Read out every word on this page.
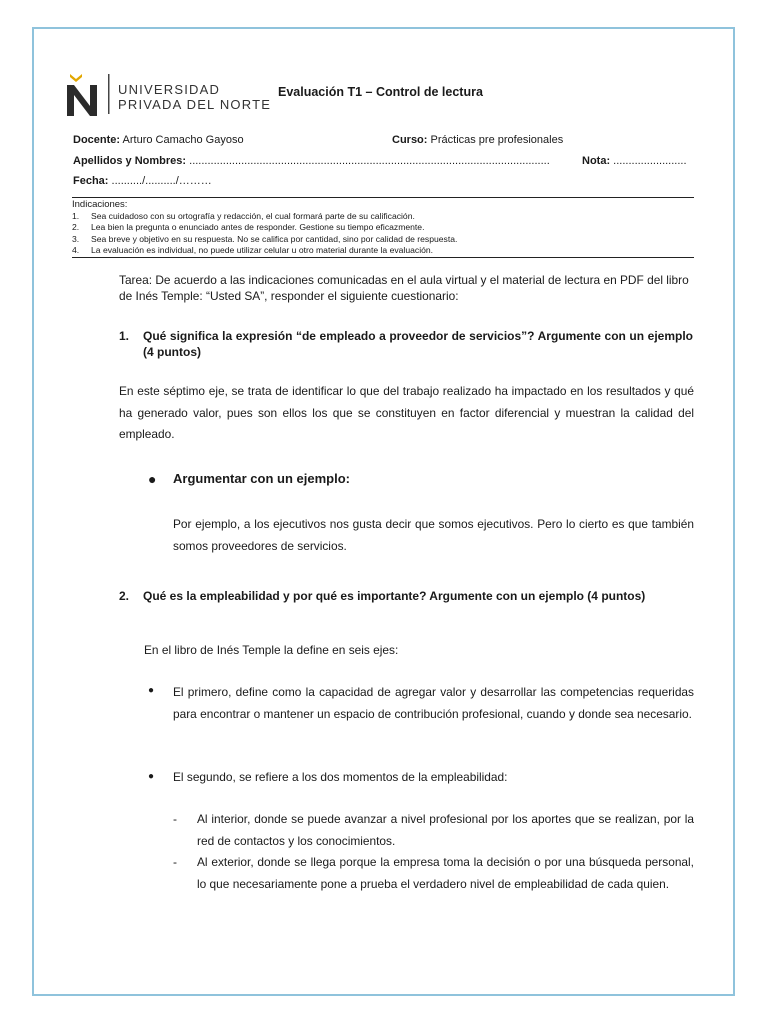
UNIVERSIDAD
PRIVADA DEL NORTE
Evaluación T1 – Control de lectura
Docente: Arturo Camacho Gayoso	Curso: Prácticas pre profesionales
Apellidos y Nombres: ......................................................................................................................	Nota: ........................
Fecha: ........../........../………
Indicaciones:
1. Sea cuidadoso con su ortografía y redacción, el cual formará parte de su calificación.
2. Lea bien la pregunta o enunciado antes de responder. Gestione su tiempo eficazmente.
3. Sea breve y objetivo en su respuesta. No se califica por cantidad, sino por calidad de respuesta.
4. La evaluación es individual, no puede utilizar celular u otro material durante la evaluación.
Tarea: De acuerdo a las indicaciones comunicadas en el aula virtual y el material de lectura en PDF del libro de Inés Temple: “Usted SA”, responder el siguiente cuestionario:
1. Qué significa la expresión “de empleado a proveedor de servicios”? Argumente con un ejemplo (4 puntos)
En este séptimo eje, se trata de identificar lo que del trabajo realizado ha impactado en los resultados y qué ha generado valor, pues son ellos los que se constituyen en factor diferencial y muestran la calidad del empleado.
● Argumentar con un ejemplo:
Por ejemplo, a los ejecutivos nos gusta decir que somos ejecutivos. Pero lo cierto es que también somos proveedores de servicios.
2. Qué es la empleabilidad y por qué es importante? Argumente con un ejemplo (4 puntos)
En el libro de Inés Temple la define en seis ejes:
● El primero, define como la capacidad de agregar valor y desarrollar las competencias requeridas para encontrar o mantener un espacio de contribución profesional, cuando y donde sea necesario.
● El segundo, se refiere a los dos momentos de la empleabilidad:
- Al interior, donde se puede avanzar a nivel profesional por los aportes que se realizan, por la red de contactos y los conocimientos.
- Al exterior, donde se llega porque la empresa toma la decisión o por una búsqueda personal, lo que necesariamente pone a prueba el verdadero nivel de empleabilidad de cada quien.
